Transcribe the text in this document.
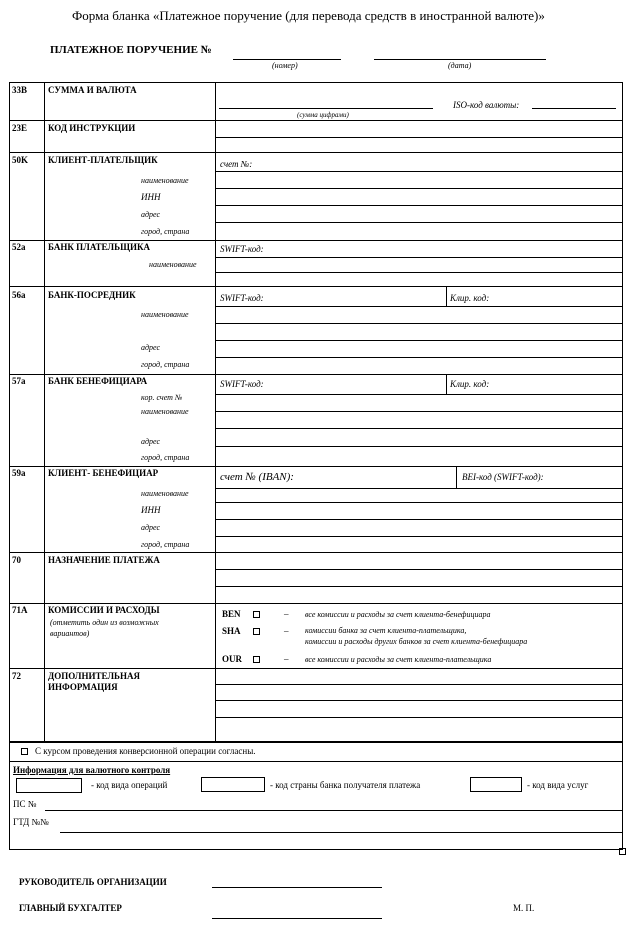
Форма бланка «Платежное поручение (для перевода средств в иностранной валюте)»
ПЛАТЕЖНОЕ ПОРУЧЕНИЕ №
(номер)	(дата)
33B СУММА И ВАЛЮТА
ISO-код валюты:
(сумма цифрами)
23E КОД ИНСТРУКЦИИ
50K КЛИЕНТ-ПЛАТЕЛЬЩИК	счет №:
наименование
ИНН
адрес
город, страна
52a	БАНК ПЛАТЕЛЬЩИКА	SWIFT-код:
наименование
56a	БАНК-ПОСРЕДНИК	SWIFT-код:	Клир. код:
наименование
адрес
город, страна
57a	БАНК БЕНЕФИЦИАРА	SWIFT-код:	Клир. код:
кор. счет №
наименование
адрес
город, страна
59a	КЛИЕНТ- БЕНЕФИЦИАР	счет № (IBAN):	BEI-код (SWIFT-код):
наименование
ИНН
адрес
город, страна
70	НАЗНАЧЕНИЕ ПЛАТЕЖА
71A КОМИССИИ И РАСХОДЫ
(отметить один из возможных
вариантов)
BEN	– все комиссии и расходы за счет клиента-бенефициара
SHA	– комиссии банка за счет клиента-плательщика,
комиссии и расходы других банков за счет клиента-бенефициара
OUR	– все комиссии и расходы за счет клиента-плательщика
72	ДОПОЛНИТЕЛЬНАЯ
ИНФОРМАЦИЯ
С курсом проведения конверсионной операции согласны.
Информация для валютного контроля
- код вида операций	- код страны банка получателя платежа	- код вида услуг
ПС №
ГТД №№
РУКОВОДИТЕЛЬ ОРГАНИЗАЦИИ
ГЛАВНЫЙ БУХГАЛТЕР	М. П.
